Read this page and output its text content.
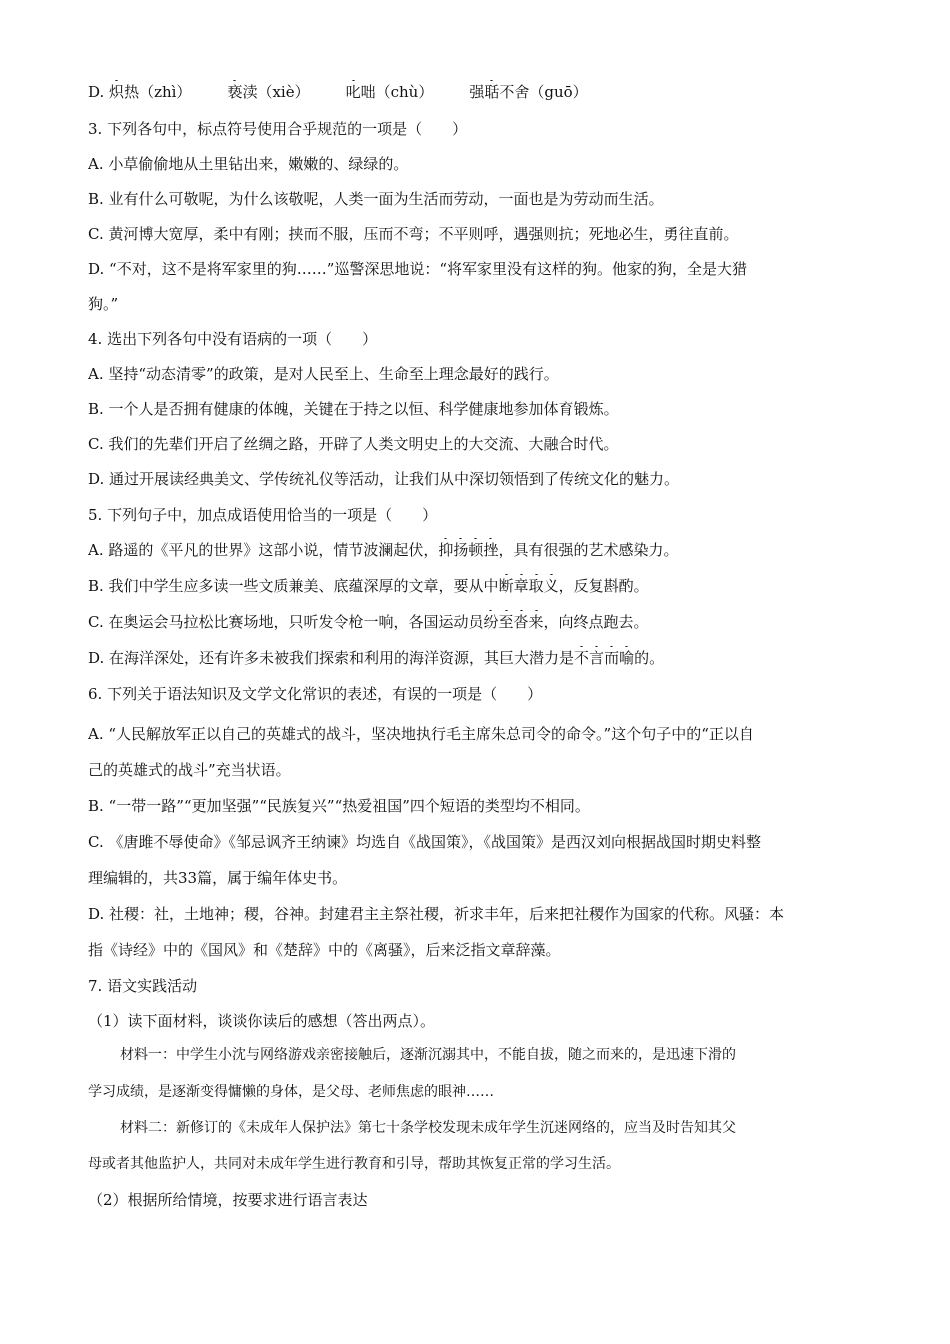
D. 炽热（zhì） 亵渎（xiè） 叱咄（chù） 强聒不舍（guō）
3. 下列各句中，标点符号使用合乎规范的一项是（　　）
A. 小草偷偷地从土里钻出来，嫩嫩的、绿绿的。
B. 业有什么可敬呢，为什么该敬呢，人类一面为生活而劳动，一面也是为劳动而生活。
C. 黄河博大宽厚，柔中有刚；挟而不服，压而不弯；不平则呼，遇强则抗；死地必生，勇往直前。
D. “不对，这不是将军家里的狗……”巡警深思地说：“将军家里没有这样的狗。他家的狗，全是大猎
狗。”
4. 选出下列各句中没有语病的一项（　　）
A. 坚持“动态清零”的政策，是对人民至上、生命至上理念最好的践行。
B. 一个人是否拥有健康的体魄，关键在于持之以恒、科学健康地参加体育锻炼。
C. 我们的先辈们开启了丝绸之路，开辟了人类文明史上的大交流、大融合时代。
D. 通过开展读经典美文、学传统礼仪等活动，让我们从中深切领悟到了传统文化的魅力。
5. 下列句子中，加点成语使用恰当的一项是（　　）
A. 路遥的《平凡的世界》这部小说，情节波澜起伏，抑扬顿挫，具有很强的艺术感染力。
B. 我们中学生应多读一些文质兼美、底蕴深厚的文章，要从中断章取义，反复斟酌。
C. 在奥运会马拉松比赛场地，只听发令枪一响，各国运动员纷至沓来，向终点跑去。
D. 在海洋深处，还有许多未被我们探索和利用的海洋资源，其巨大潜力是不言而喻的。
6. 下列关于语法知识及文学文化常识的表述，有误的一项是（　　）
A. “人民解放军正以自己的英雄式的战斗，坚决地执行毛主席朱总司令的命令。”这个句子中的“正以自
己的英雄式的战斗”充当状语。
B. “一带一路”“更加坚强”“民族复兴”“热爱祖国”四个短语的类型均不相同。
C. 《唐雎不辱使命》《邹忌讽齐王纳谏》均选自《战国策》，《战国策》是西汉刘向根据战国时期史料整
理编辑的，共33篇，属于编年体史书。
D. 社稷：社，土地神；稷，谷神。封建君主主祭社稷，祈求丰年，后来把社稷作为国家的代称。风骚：本
指《诗经》中的《国风》和《楚辞》中的《离骚》，后来泛指文章辞藻。
7. 语文实践活动
（1）读下面材料，谈谈你读后的感想（答出两点）。
材料一：中学生小沈与网络游戏亲密接触后，逐渐沉溺其中，不能自拔，随之而来的，是迅速下滑的
学习成绩，是逐渐变得慵懒的身体，是父母、老师焦虑的眼神……
材料二：新修订的《未成年人保护法》第七十条学校发现未成年学生沉迷网络的，应当及时告知其父
母或者其他监护人，共同对未成年学生进行教育和引导，帮助其恢复正常的学习生活。
（2）根据所给情境，按要求进行语言表达
